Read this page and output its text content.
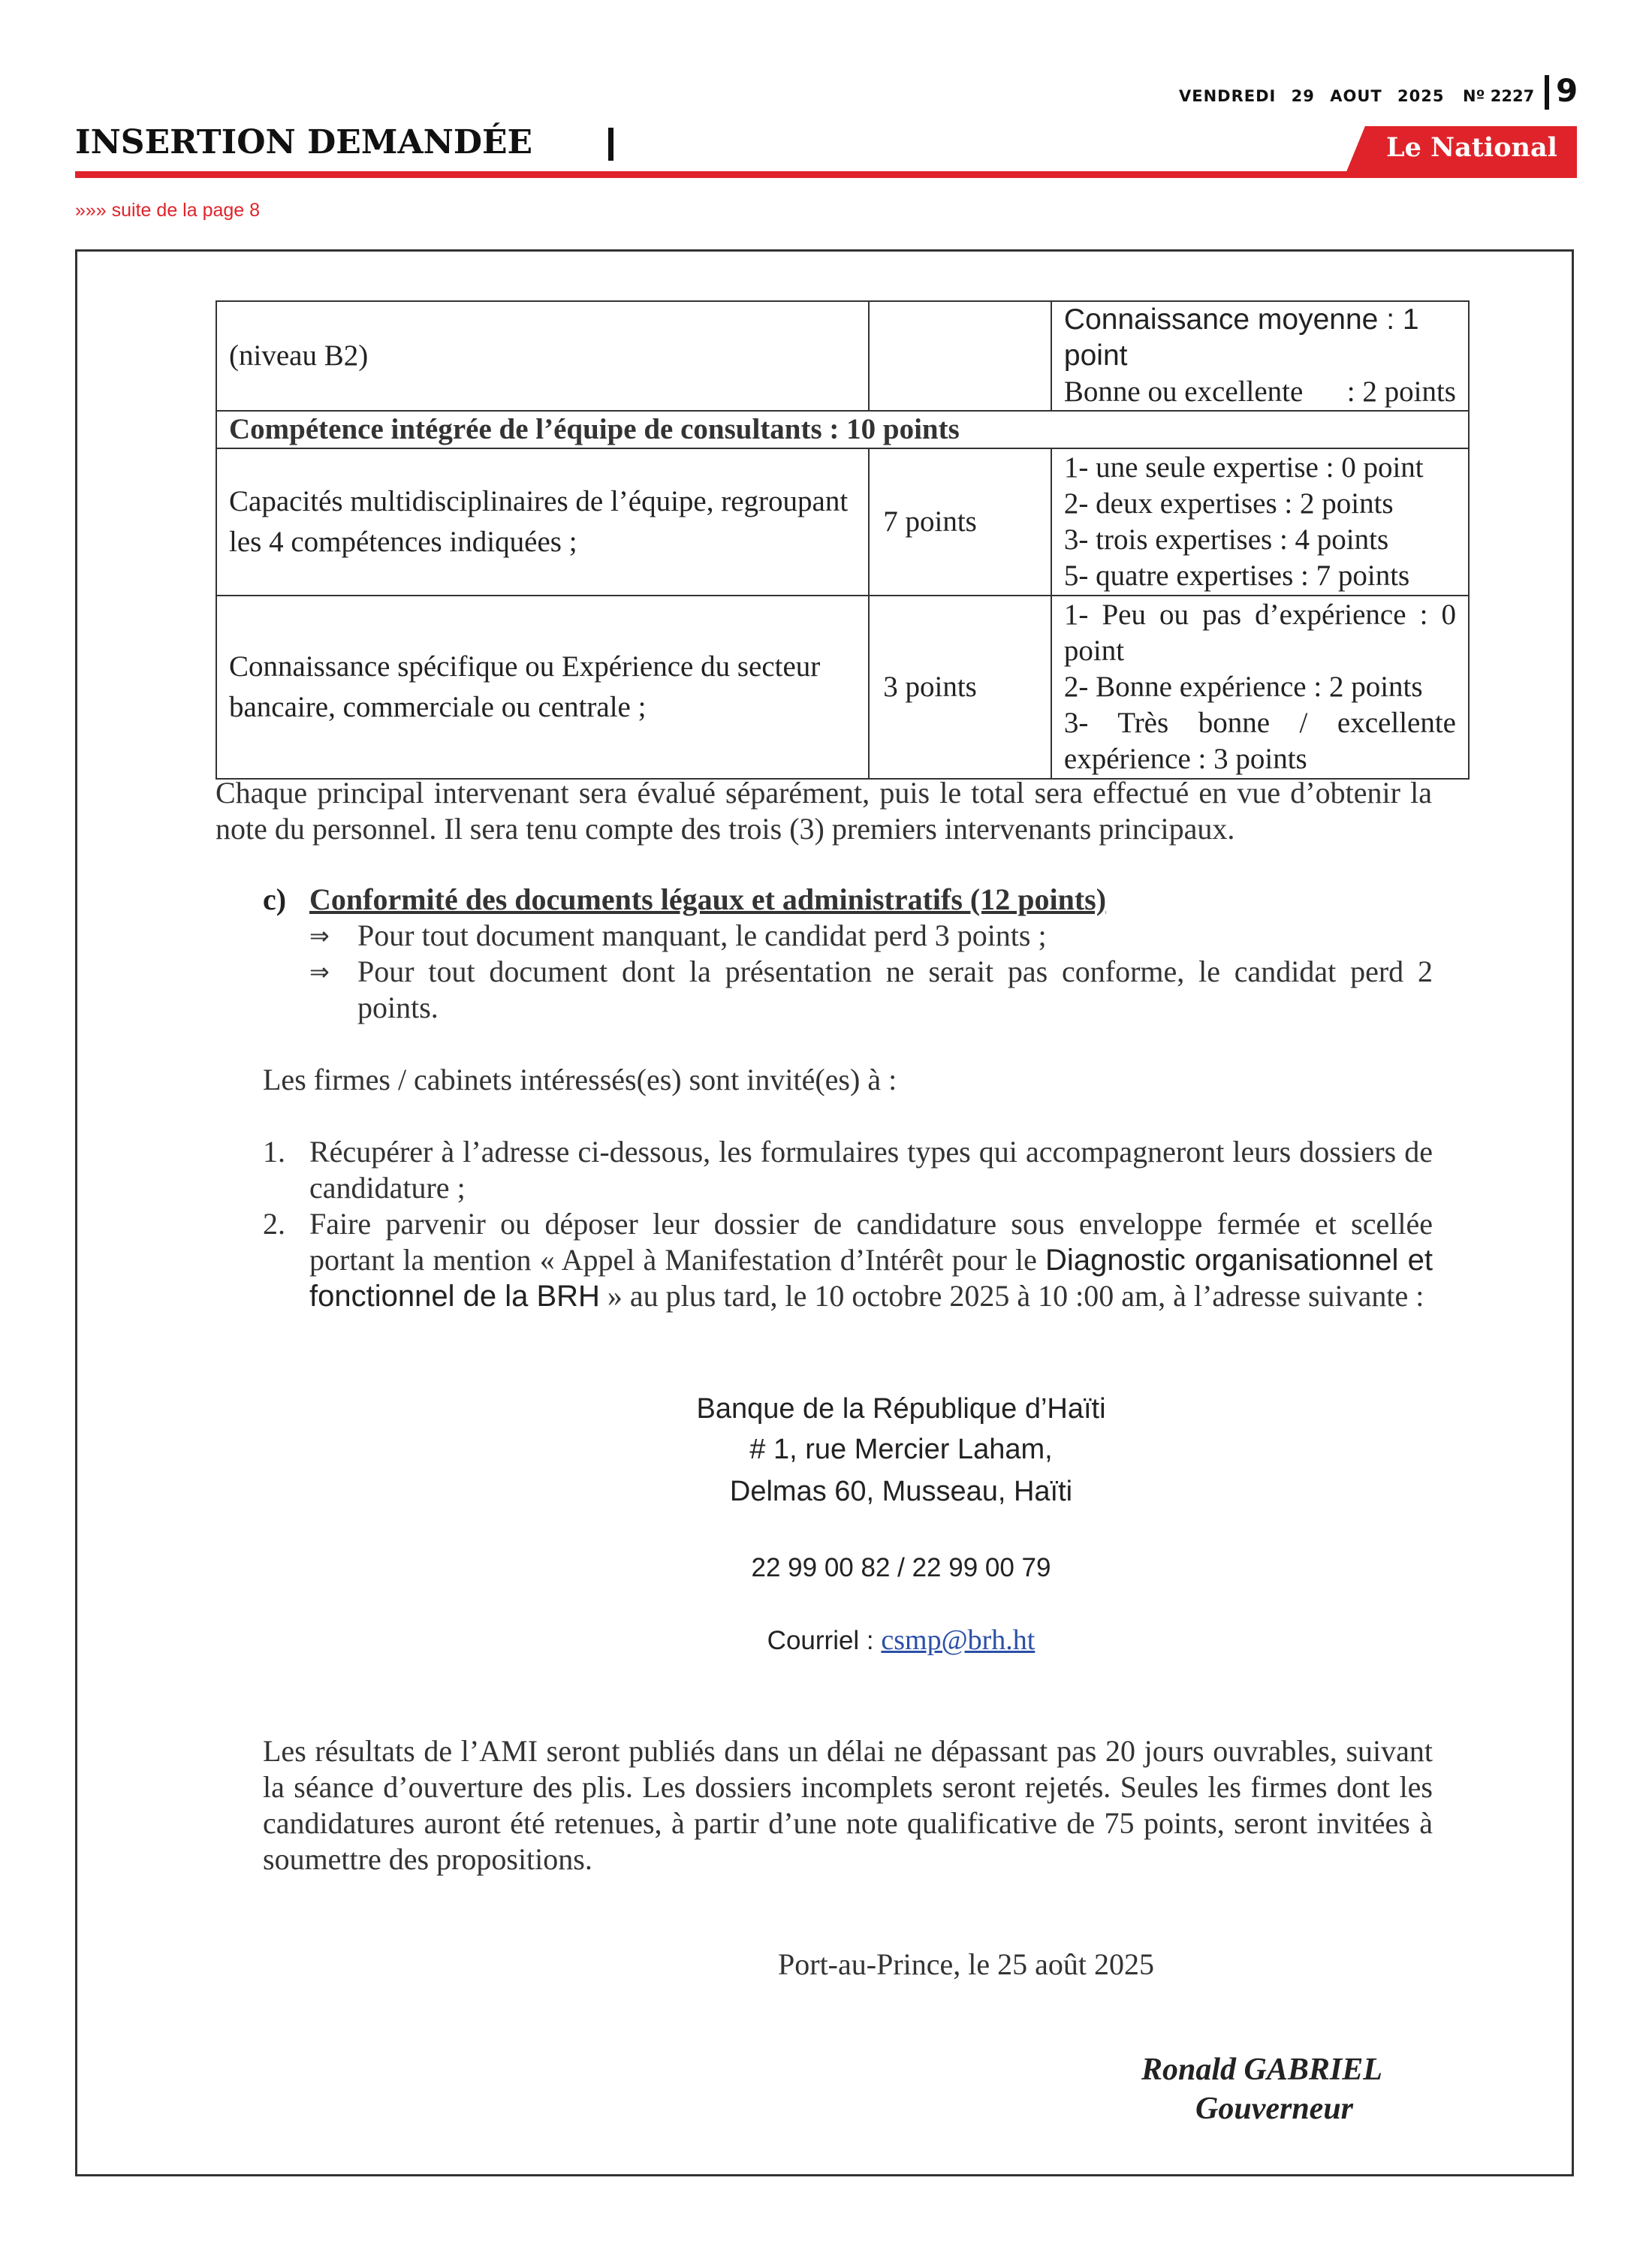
VENDREDI 29 AOUT 2025 Nº 2227 9
INSERTION DEMANDÉE	Le National
»»» suite de la page 8
(niveau B2)		Connaissance moyenne : 1 point
Bonne ou excellente      : 2 points

Compétence intégrée de l’équipe de consultants : 10 points		
Capacités multidisciplinaires de l’équipe, regroupant les 4 compétences indiquées ;	7 points	1- une seule expertise : 0 point
2- deux expertises : 2 points
3- trois expertises : 4 points
5- quatre expertises : 7 points

Connaissance spécifique ou Expérience du secteur bancaire, commerciale ou centrale ;	3 points	1- Peu ou pas d’expérience : 0 point
2- Bonne expérience : 2 points
3- Très bonne / excellente expérience : 3 points
Chaque principal intervenant sera évalué séparément, puis le total sera effectué en vue d’obtenir la note du personnel. Il sera tenu compte des trois (3) premiers intervenants principaux.
c) Conformité des documents légaux et administratifs (12 points)
⇒ Pour tout document manquant, le candidat perd 3 points ;
⇒ Pour tout document dont la présentation ne serait pas conforme, le candidat perd 2 points.
Les firmes / cabinets intéressés(es) sont invité(es) à :
1. Récupérer à l’adresse ci-dessous, les formulaires types qui accompagneront leurs dossiers de candidature ;
2. Faire parvenir ou déposer leur dossier de candidature sous enveloppe fermée et scellée portant la mention « Appel à Manifestation d’Intérêt pour le Diagnostic organisationnel et fonctionnel de la BRH » au plus tard, le 10 octobre 2025 à 10 :00 am, à l’adresse suivante :
Banque de la République d’Haïti
# 1, rue Mercier Laham,
Delmas 60, Musseau, Haïti
22 99 00 82 / 22 99 00 79
Courriel : csmp@brh.ht
Les résultats de l’AMI seront publiés dans un délai ne dépassant pas 20 jours ouvrables, suivant la séance d’ouverture des plis. Les dossiers incomplets seront rejetés. Seules les firmes dont les candidatures auront été retenues, à partir d’une note qualificative de 75 points, seront invitées à soumettre des propositions.
Port-au-Prince, le 25 août 2025
Ronald GABRIEL
Gouverneur
